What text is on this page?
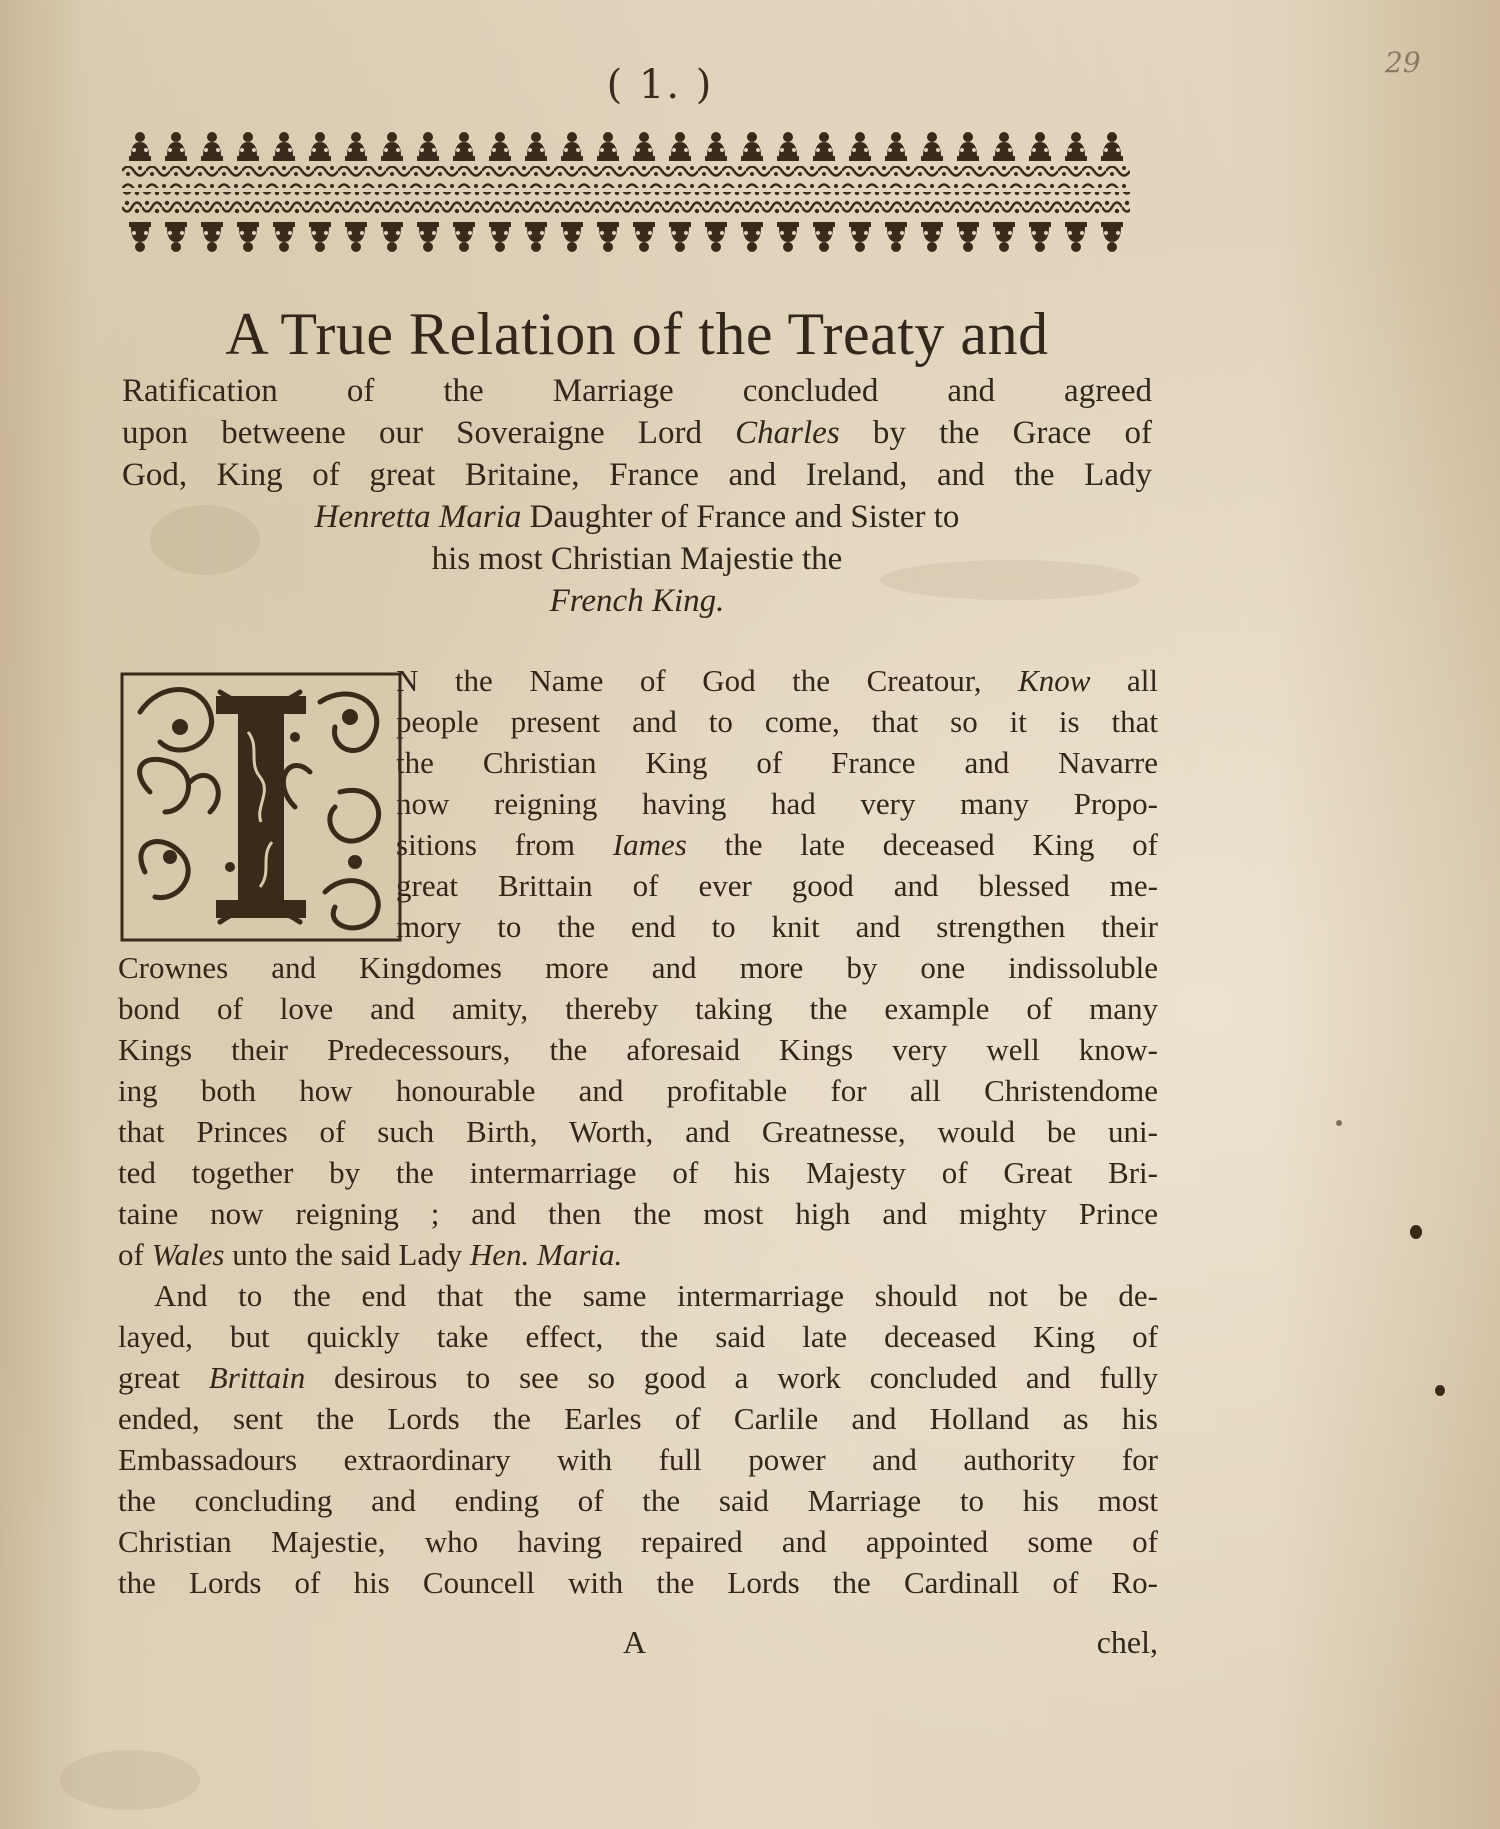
( 1. )	29
A True Relation of the Treaty and
Ratification of the Marriage concluded and agreed
upon betweene our Soveraigne Lord Charles by the Grace of
God, King of great Britaine, France and Ireland, and the Lady
Henretta Maria Daughter of France and Sister to
his most Christian Majestie the
French King.
N the Name of God the Creatour, Know all
people present and to come, that so it is that
the Christian King of France and Navarre
now reigning having had very many Propo-
sitions from Iames the late deceased King of
great Brittain of ever good and blessed me-
mory to the end to knit and strengthen their
Crownes and Kingdomes more and more by one indissoluble
bond of love and amity, thereby taking the example of many
Kings their Predecessours, the aforesaid Kings very well know-
ing both how honourable and profitable for all Christendome
that Princes of such Birth, Worth, and Greatnesse, would be uni-
ted together by the intermarriage of his Majesty of Great Bri-
taine now reigning ; and then the most high and mighty Prince
of Wales unto the said Lady Hen. Maria.
And to the end that the same intermarriage should not be de-
layed, but quickly take effect, the said late deceased King of
great Brittain desirous to see so good a work concluded and fully
ended, sent the Lords the Earles of Carlile and Holland as his
Embassadours extraordinary with full power and authority for
the concluding and ending of the said Marriage to his most
Christian Majestie, who having repaired and appointed some of
the Lords of his Councell with the Lords the Cardinall of Ro-
A	chel,
